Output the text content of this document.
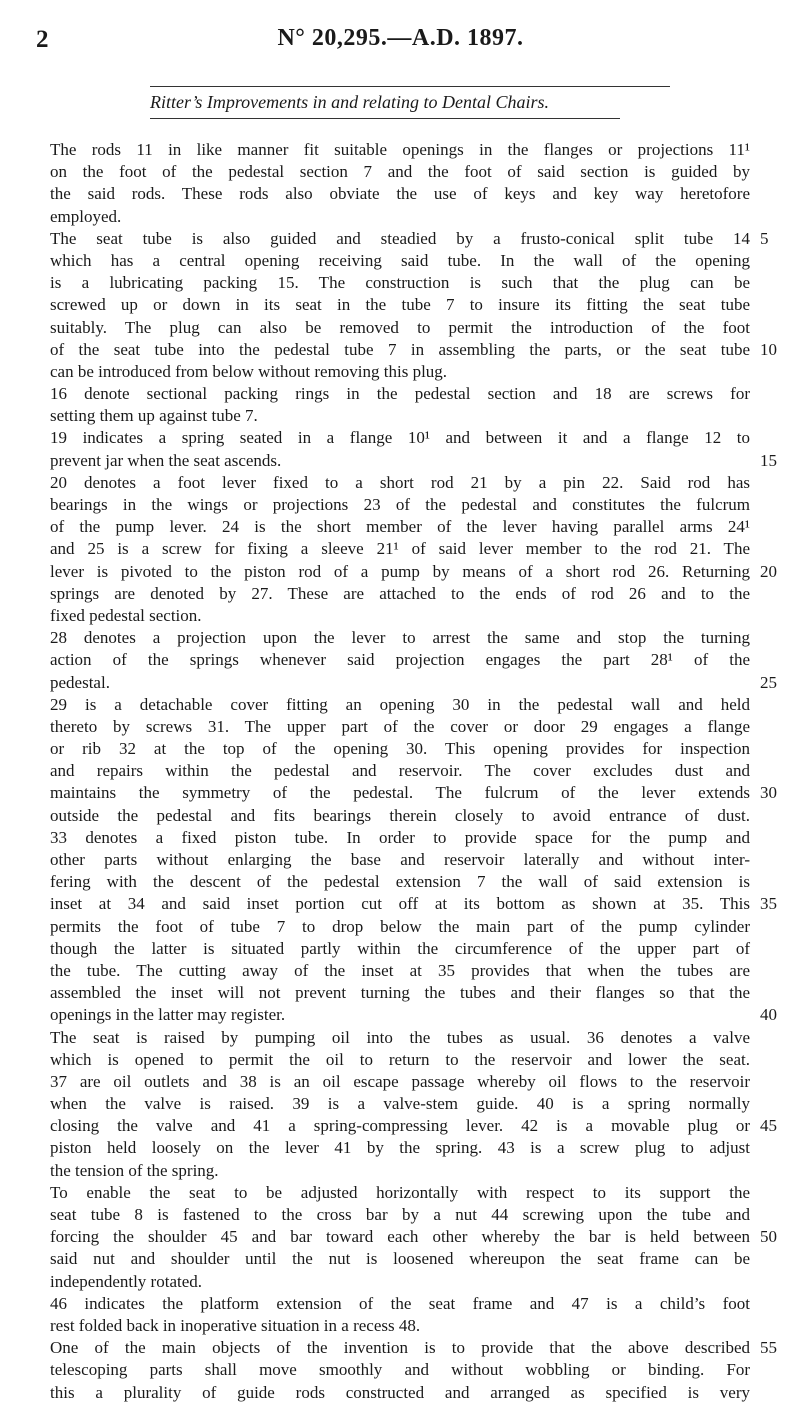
2	N° 20,295.—A.D. 1897.
Ritter’s Improvements in and relating to Dental Chairs.
The rods 11 in like manner fit suitable openings in the flanges or projections 11¹
on the foot of the pedestal section 7 and the foot of said section is guided by
the said rods. These rods also obviate the use of keys and key way heretofore
employed.
The seat tube is also guided and steadied by a frusto-conical split tube 14 5
which has a central opening receiving said tube. In the wall of the opening
is a lubricating packing 15. The construction is such that the plug can be
screwed up or down in its seat in the tube 7 to insure its fitting the seat tube
suitably. The plug can also be removed to permit the introduction of the foot
of the seat tube into the pedestal tube 7 in assembling the parts, or the seat tube 10
can be introduced from below without removing this plug.
16 denote sectional packing rings in the pedestal section and 18 are screws for
setting them up against tube 7.
19 indicates a spring seated in a flange 10¹ and between it and a flange 12 to
prevent jar when the seat ascends.	15
20 denotes a foot lever fixed to a short rod 21 by a pin 22. Said rod has
bearings in the wings or projections 23 of the pedestal and constitutes the fulcrum
of the pump lever. 24 is the short member of the lever having parallel arms 24¹
and 25 is a screw for fixing a sleeve 21¹ of said lever member to the rod 21. The
lever is pivoted to the piston rod of a pump by means of a short rod 26. Returning 20
springs are denoted by 27. These are attached to the ends of rod 26 and to the
fixed pedestal section.
28 denotes a projection upon the lever to arrest the same and stop the turning
action of the springs whenever said projection engages the part 28¹ of the
pedestal.	25
29 is a detachable cover fitting an opening 30 in the pedestal wall and held
thereto by screws 31. The upper part of the cover or door 29 engages a flange
or rib 32 at the top of the opening 30. This opening provides for inspection
and repairs within the pedestal and reservoir. The cover excludes dust and
maintains the symmetry of the pedestal. The fulcrum of the lever extends 30
outside the pedestal and fits bearings therein closely to avoid entrance of dust.
33 denotes a fixed piston tube. In order to provide space for the pump and
other parts without enlarging the base and reservoir laterally and without inter-
fering with the descent of the pedestal extension 7 the wall of said extension is
inset at 34 and said inset portion cut off at its bottom as shown at 35. This 35
permits the foot of tube 7 to drop below the main part of the pump cylinder
though the latter is situated partly within the circumference of the upper part of
the tube. The cutting away of the inset at 35 provides that when the tubes are
assembled the inset will not prevent turning the tubes and their flanges so that the
openings in the latter may register.	40
The seat is raised by pumping oil into the tubes as usual. 36 denotes a valve
which is opened to permit the oil to return to the reservoir and lower the seat.
37 are oil outlets and 38 is an oil escape passage whereby oil flows to the reservoir
when the valve is raised. 39 is a valve-stem guide. 40 is a spring normally
closing the valve and 41 a spring-compressing lever. 42 is a movable plug or 45
piston held loosely on the lever 41 by the spring. 43 is a screw plug to adjust
the tension of the spring.
To enable the seat to be adjusted horizontally with respect to its support the
seat tube 8 is fastened to the cross bar by a nut 44 screwing upon the tube and
forcing the shoulder 45 and bar toward each other whereby the bar is held between 50
said nut and shoulder until the nut is loosened whereupon the seat frame can be
independently rotated.
46 indicates the platform extension of the seat frame and 47 is a child’s foot
rest folded back in inoperative situation in a recess 48.
One of the main objects of the invention is to provide that the above described 55
telescoping parts shall move smoothly and without wobbling or binding. For
this a plurality of guide rods constructed and arranged as specified is very
